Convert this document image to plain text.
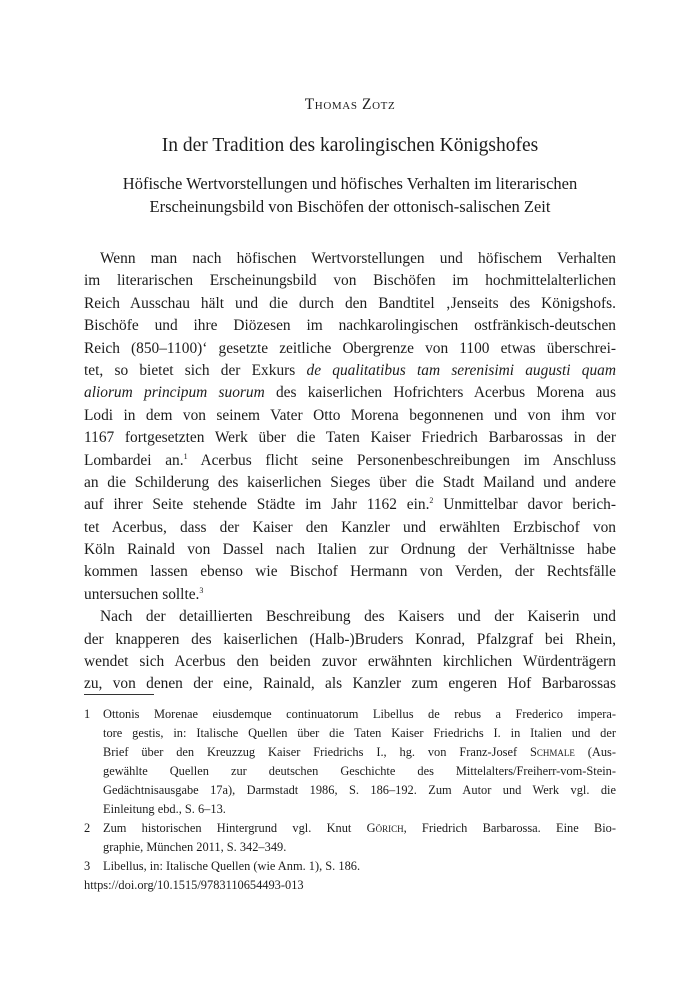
Thomas Zotz
In der Tradition des karolingischen Königshofes
Höfische Wertvorstellungen und höfisches Verhalten im literarischen
Erscheinungsbild von Bischöfen der ottonisch-salischen Zeit
Wenn man nach höfischen Wertvorstellungen und höfischem Verhalten
im literarischen Erscheinungsbild von Bischöfen im hochmittelalterlichen
Reich Ausschau hält und die durch den Bandtitel ‚Jenseits des Königshofs.
Bischöfe und ihre Diözesen im nachkarolingischen ostfränkisch-deutschen
Reich (850–1100)‘ gesetzte zeitliche Obergrenze von 1100 etwas überschrei-
tet, so bietet sich der Exkurs de qualitatibus tam serenisimi augusti quam
aliorum principum suorum des kaiserlichen Hofrichters Acerbus Morena aus
Lodi in dem von seinem Vater Otto Morena begonnenen und von ihm vor
1167 fortgesetzten Werk über die Taten Kaiser Friedrich Barbarossas in der
Lombardei an.$^1$ Acerbus flicht seine Personenbeschreibungen im Anschluss
an die Schilderung des kaiserlichen Sieges über die Stadt Mailand und andere
auf ihrer Seite stehende Städte im Jahr 1162 ein.$^2$ Unmittelbar davor berich-
tet Acerbus, dass der Kaiser den Kanzler und erwählten Erzbischof von
Köln Rainald von Dassel nach Italien zur Ordnung der Verhältnisse habe
kommen lassen ebenso wie Bischof Hermann von Verden, der Rechtsfälle
untersuchen sollte.$^3$
Nach der detaillierten Beschreibung des Kaisers und der Kaiserin und
der knapperen des kaiserlichen (Halb-)Bruders Konrad, Pfalzgraf bei Rhein,
wendet sich Acerbus den beiden zuvor erwähnten kirchlichen Würdenträgern
zu, von denen der eine, Rainald, als Kanzler zum engeren Hof Barbarossas
1 Ottonis Morenae eiusdemque continuatorum Libellus de rebus a Frederico impera-
tore gestis, in: Italische Quellen über die Taten Kaiser Friedrichs I. in Italien und der
Brief über den Kreuzzug Kaiser Friedrichs I., hg. von Franz-Josef Schmale (Aus-
gewählte Quellen zur deutschen Geschichte des Mittelalters/Freiherr-vom-Stein-
Gedächtnisausgabe 17a), Darmstadt 1986, S. 186–192. Zum Autor und Werk vgl. die
Einleitung ebd., S. 6–13.
2 Zum historischen Hintergrund vgl. Knut Görich, Friedrich Barbarossa. Eine Bio-
graphie, München 2011, S. 342–349.
3 Libellus, in: Italische Quellen (wie Anm. 1), S. 186.
https://doi.org/10.1515/9783110654493-013
